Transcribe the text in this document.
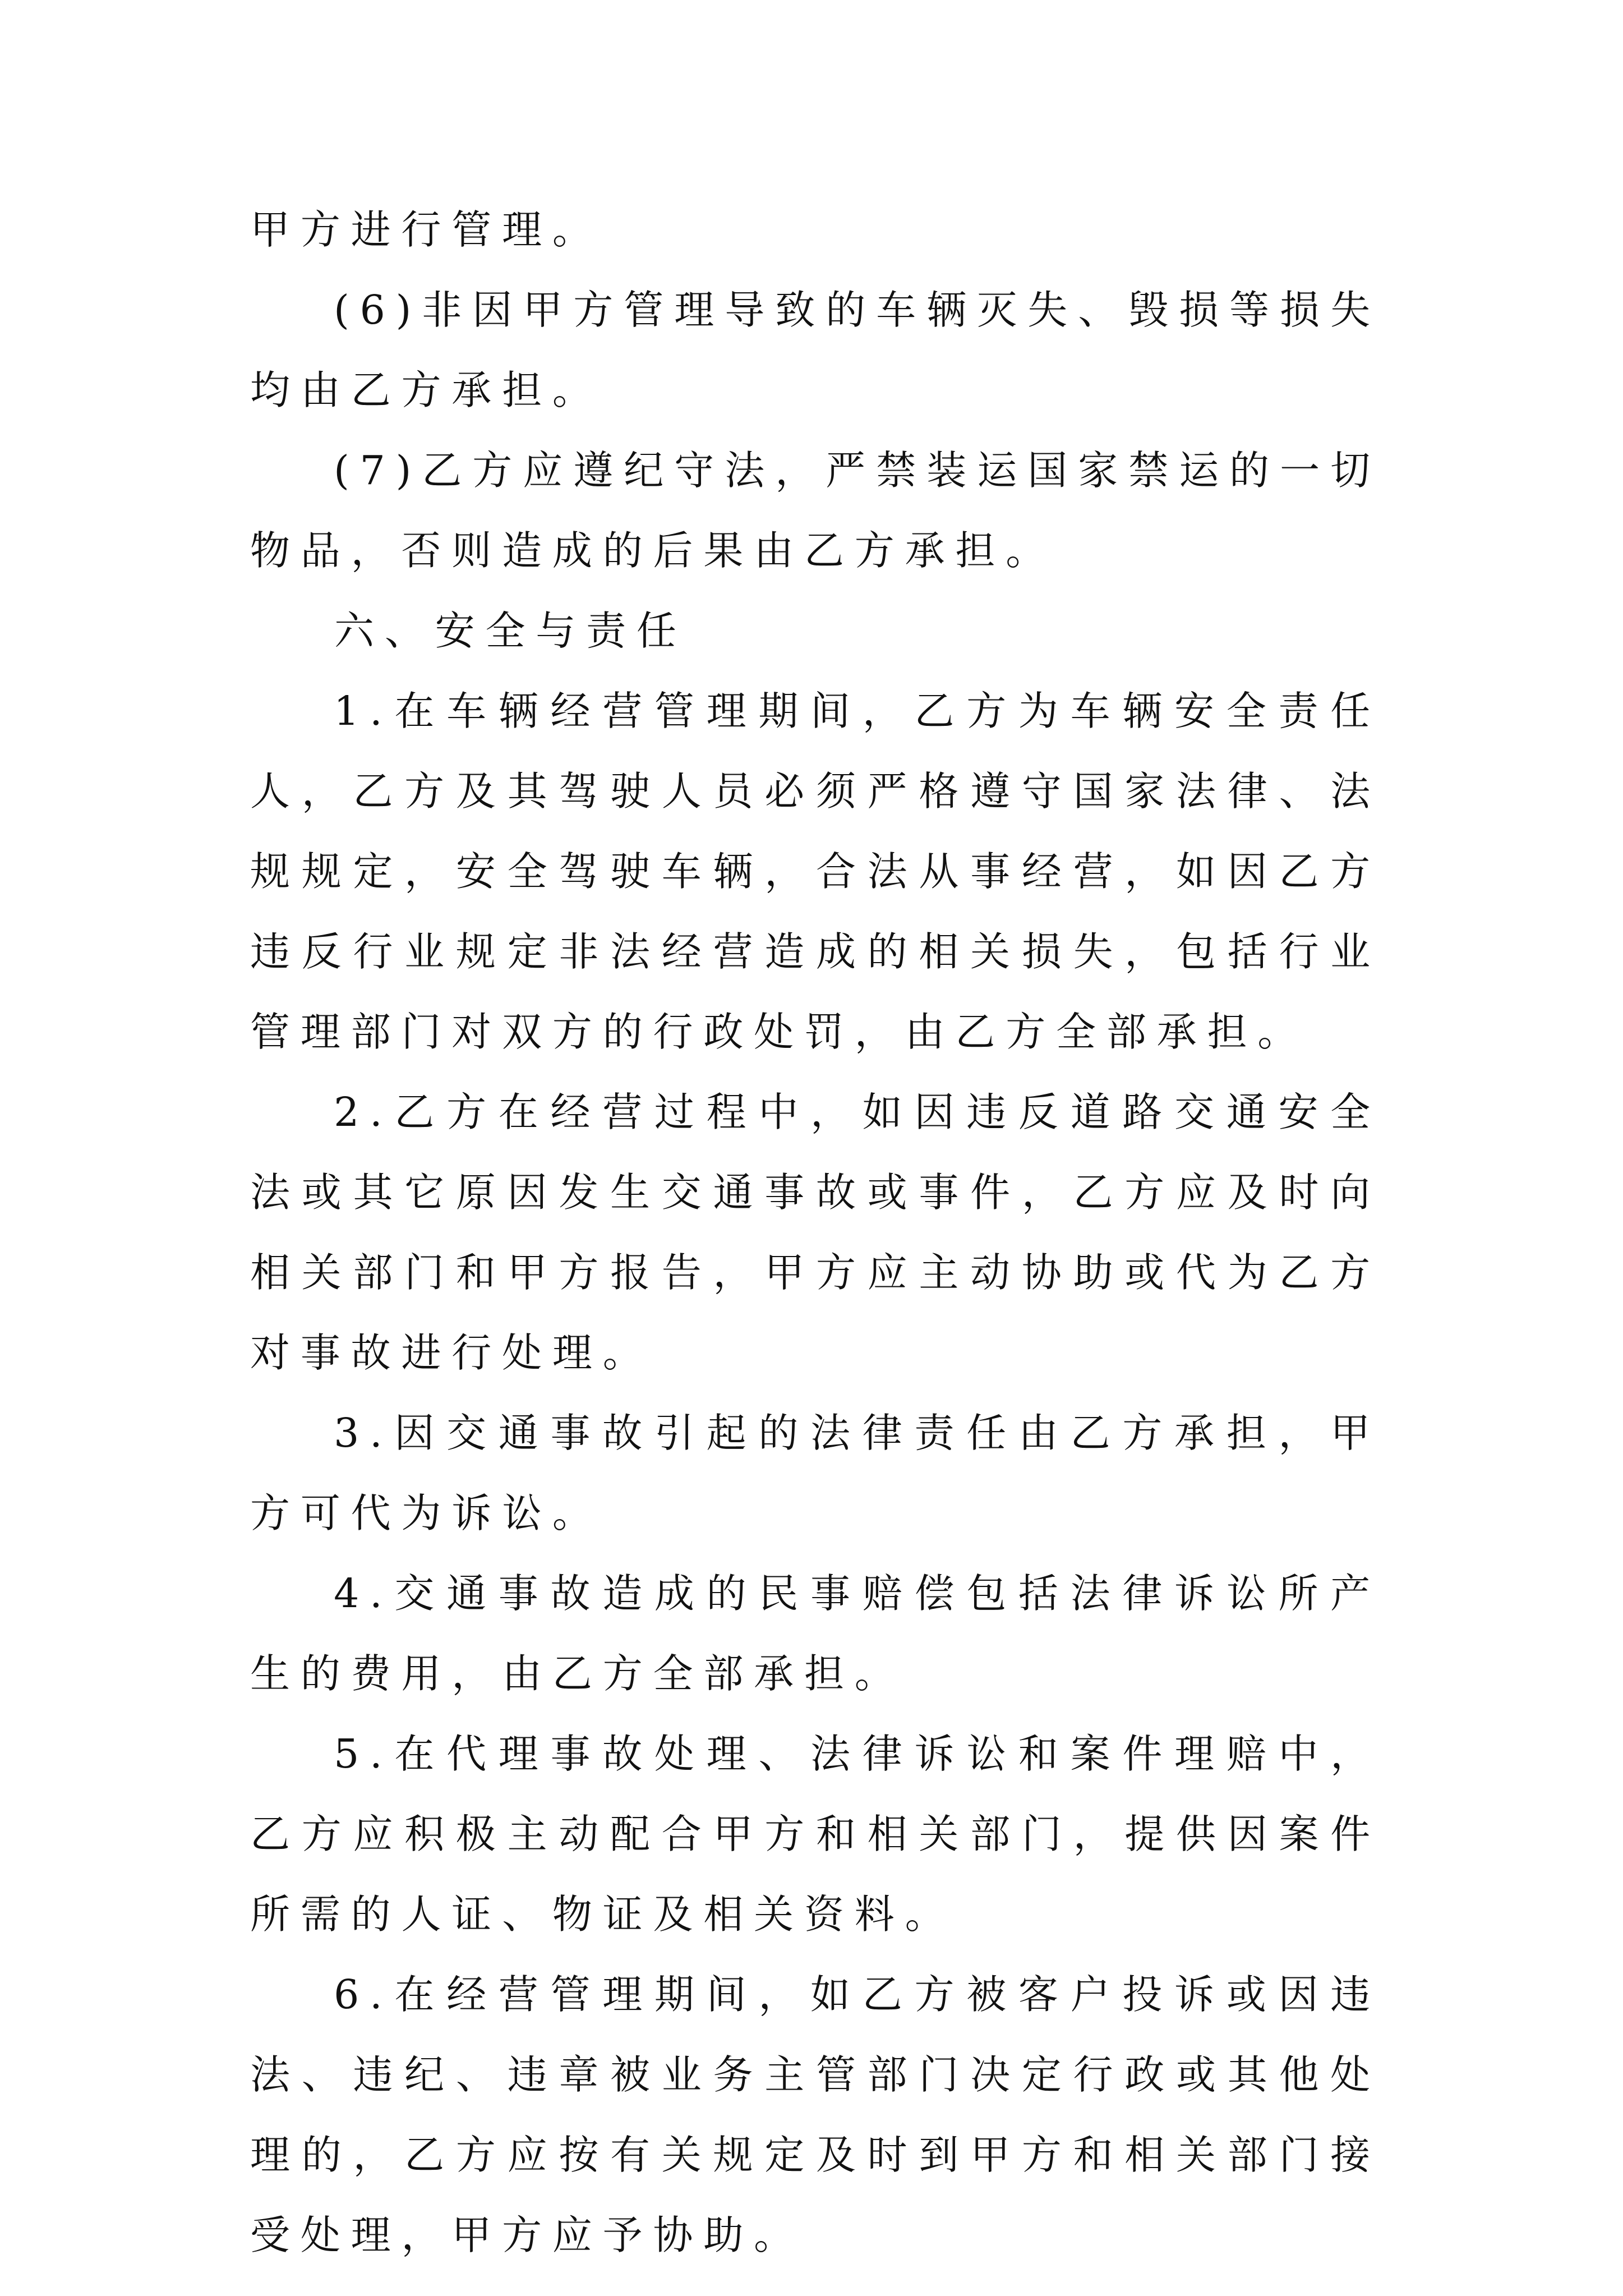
甲方进行管理。

(6)非因甲方管理导致的车辆灭失、毁损等损失均由乙方承担。

(7)乙方应遵纪守法，严禁装运国家禁运的一切物品，否则造成的后果由乙方承担。

六、安全与责任

1.在车辆经营管理期间，乙方为车辆安全责任人，乙方及其驾驶人员必须严格遵守国家法律、法规规定，安全驾驶车辆，合法从事经营，如因乙方违反行业规定非法经营造成的相关损失，包括行业管理部门对双方的行政处罚，由乙方全部承担。

2.乙方在经营过程中，如因违反道路交通安全法或其它原因发生交通事故或事件，乙方应及时向相关部门和甲方报告，甲方应主动协助或代为乙方对事故进行处理。

3.因交通事故引起的法律责任由乙方承担，甲方可代为诉讼。

4.交通事故造成的民事赔偿包括法律诉讼所产生的费用，由乙方全部承担。

5.在代理事故处理、法律诉讼和案件理赔中，乙方应积极主动配合甲方和相关部门，提供因案件所需的人证、物证及相关资料。

6.在经营管理期间，如乙方被客户投诉或因违法、违纪、违章被业务主管部门决定行政或其他处理的，乙方应按有关规定及时到甲方和相关部门接受处理，甲方应予协助。
